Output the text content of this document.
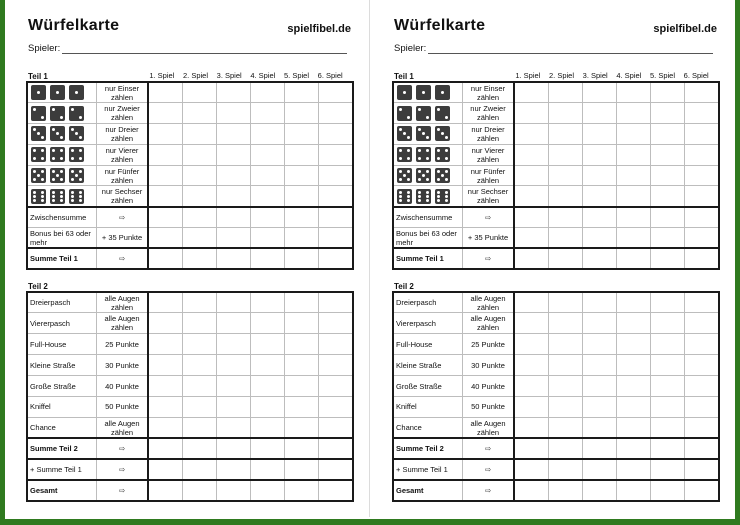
Würfelkarte	spielfibel.de
Spieler:
Teil 1	1. Spiel	2. Spiel	3. Spiel	4. Spiel	5. Spiel	6. Spiel
	nur Einser zählen						

	nur Zweier zählen						

	nur Dreier zählen						

	nur Vierer zählen						

	nur Fünfer zählen						

	nur Sechser zählen						
Zwischensumme	⇨						
Bonus bei 63 oder mehr	+ 35 Punkte						
Summe Teil 1	⇨						
Teil 2
Dreierpasch	alle Augen zählen						
Viererpasch	alle Augen zählen						
Full-House	25 Punkte						
Kleine Straße	30 Punkte						
Große Straße	40 Punkte						
Kniffel	50 Punkte						
Chance	alle Augen zählen						
Summe Teil 2	⇨						
+ Summe Teil 1	⇨						
Gesamt	⇨						
Würfelkarte	spielfibel.de
Spieler:
Teil 1	1. Spiel	2. Spiel	3. Spiel	4. Spiel	5. Spiel	6. Spiel
	nur Einser zählen						

	nur Zweier zählen						

	nur Dreier zählen						

	nur Vierer zählen						

	nur Fünfer zählen						

	nur Sechser zählen						
Zwischensumme	⇨						
Bonus bei 63 oder mehr	+ 35 Punkte						
Summe Teil 1	⇨						
Teil 2
Dreierpasch	alle Augen zählen						
Viererpasch	alle Augen zählen						
Full-House	25 Punkte						
Kleine Straße	30 Punkte						
Große Straße	40 Punkte						
Kniffel	50 Punkte						
Chance	alle Augen zählen						
Summe Teil 2	⇨						
+ Summe Teil 1	⇨						
Gesamt	⇨						
